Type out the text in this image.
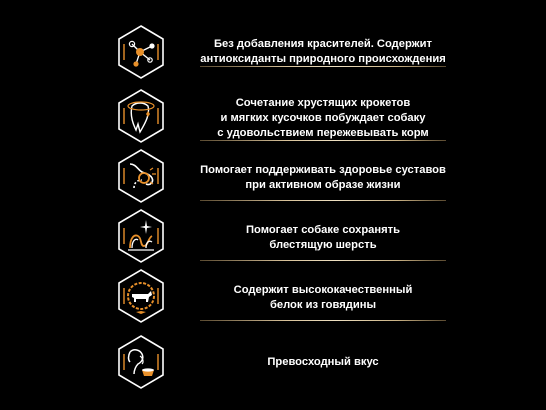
Без добавления красителей. Содержит
антиоксиданты природного происхождения
Сочетание хрустящих крокетов
и мягких кусочков побуждает собаку
с удовольствием пережевывать корм
Помогает поддерживать здоровье суставов
при активном образе жизни
Помогает собаке сохранять
блестящую шерсть
Содержит высококачественный
белок из говядины
Превосходный вкус
